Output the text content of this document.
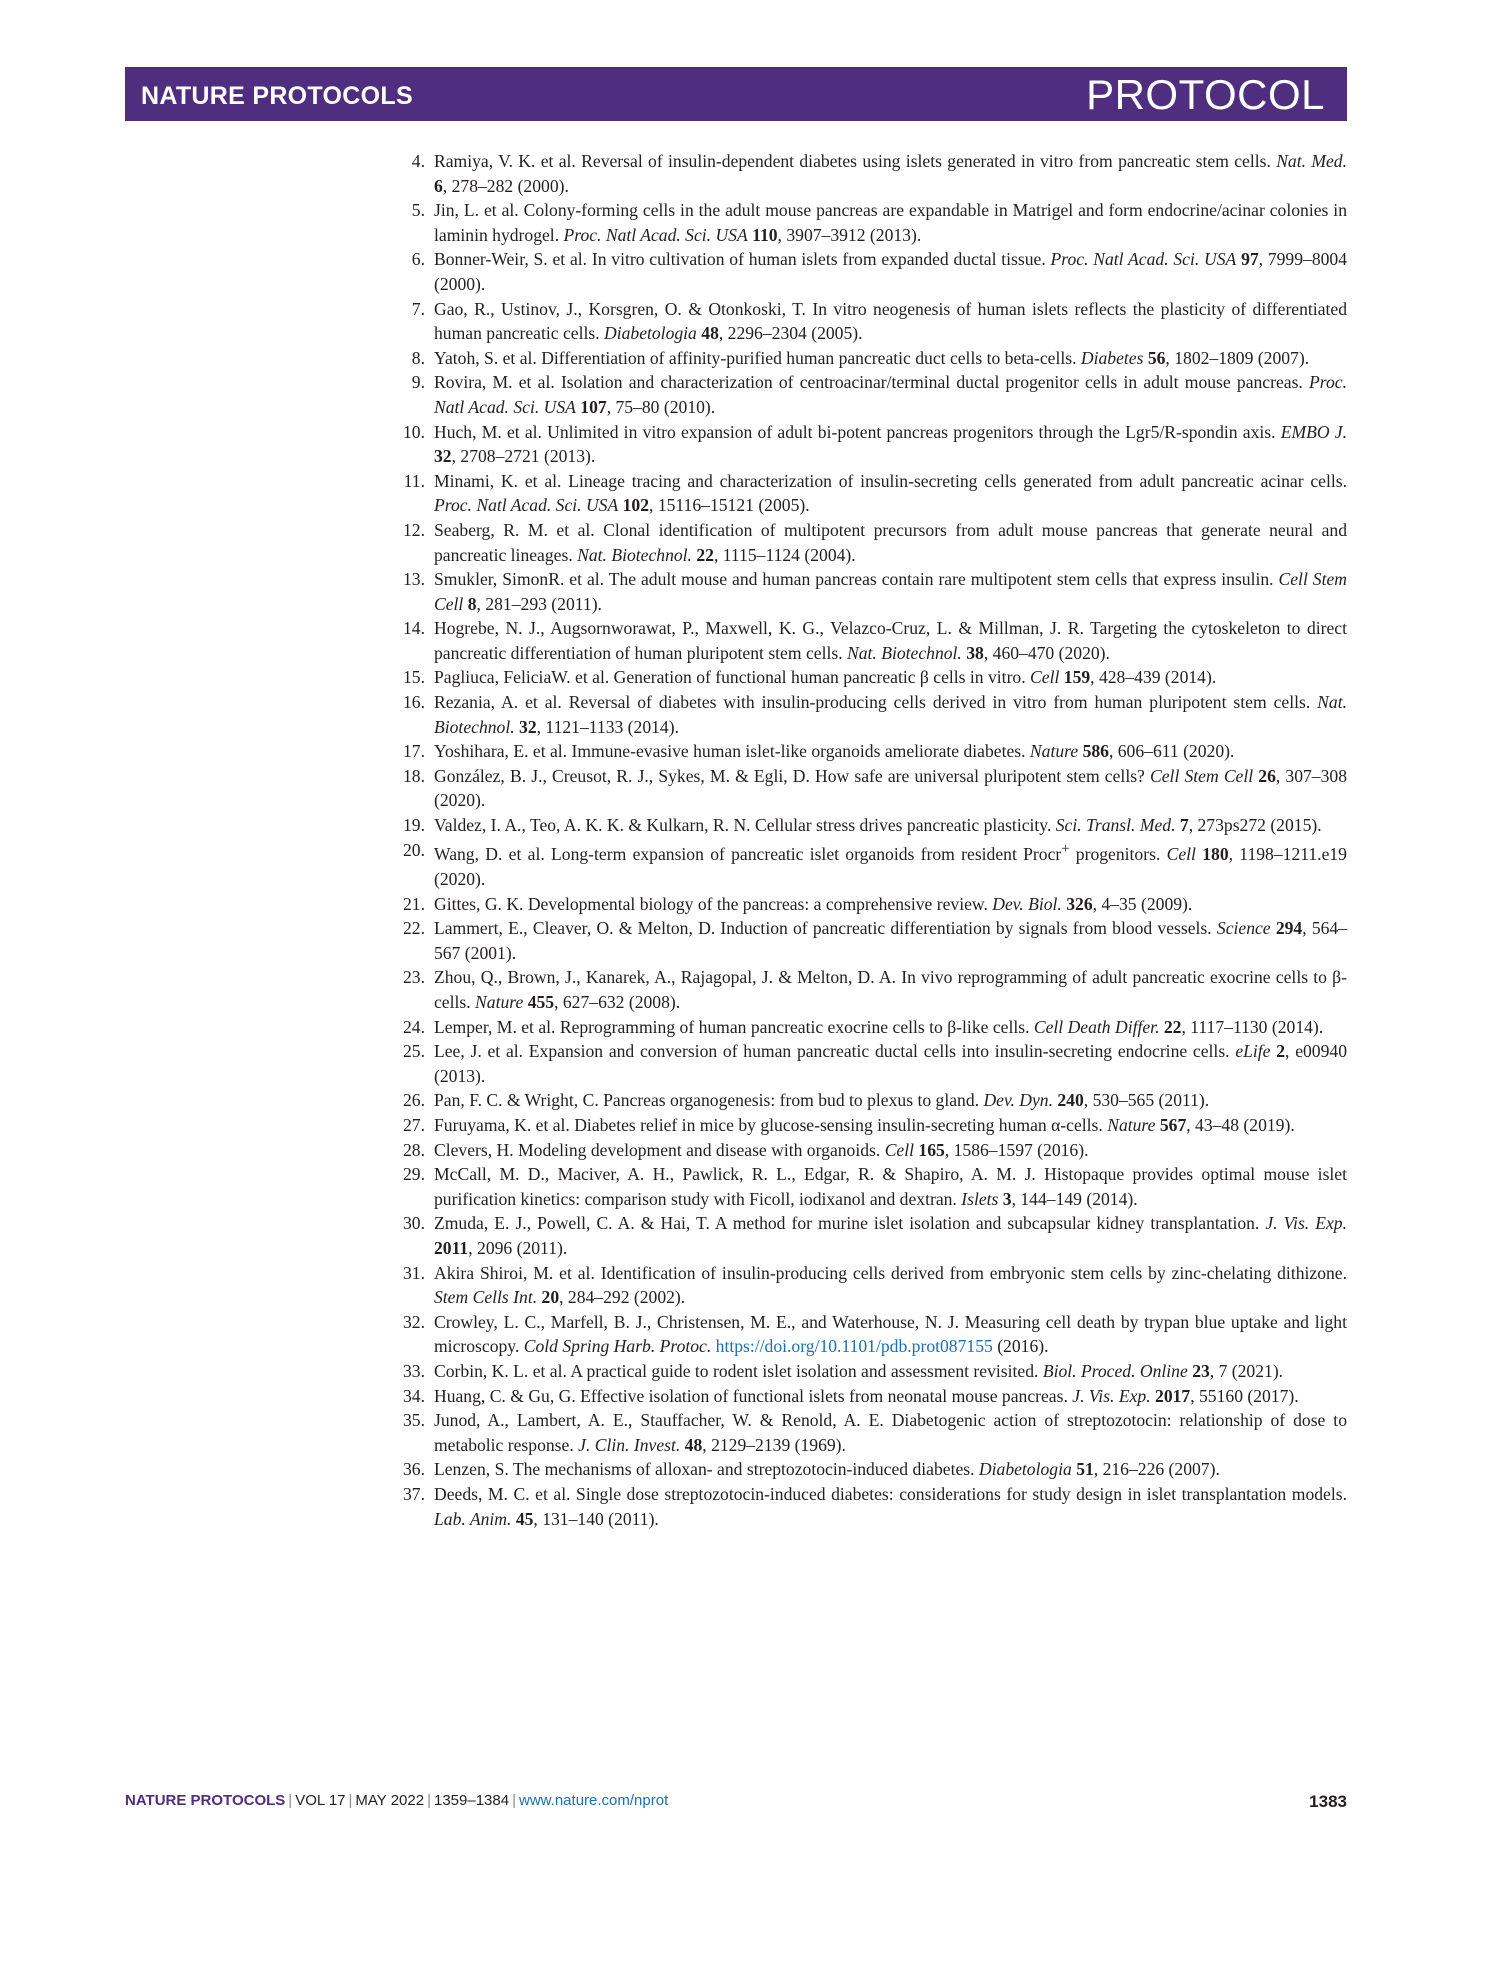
NATURE PROTOCOLS	PROTOCOL
4. Ramiya, V. K. et al. Reversal of insulin-dependent diabetes using islets generated in vitro from pancreatic stem cells. Nat. Med. 6, 278–282 (2000).
5. Jin, L. et al. Colony-forming cells in the adult mouse pancreas are expandable in Matrigel and form endocrine/acinar colonies in laminin hydrogel. Proc. Natl Acad. Sci. USA 110, 3907–3912 (2013).
6. Bonner-Weir, S. et al. In vitro cultivation of human islets from expanded ductal tissue. Proc. Natl Acad. Sci. USA 97, 7999–8004 (2000).
7. Gao, R., Ustinov, J., Korsgren, O. & Otonkoski, T. In vitro neogenesis of human islets reflects the plasticity of differentiated human pancreatic cells. Diabetologia 48, 2296–2304 (2005).
8. Yatoh, S. et al. Differentiation of affinity-purified human pancreatic duct cells to beta-cells. Diabetes 56, 1802–1809 (2007).
9. Rovira, M. et al. Isolation and characterization of centroacinar/terminal ductal progenitor cells in adult mouse pancreas. Proc. Natl Acad. Sci. USA 107, 75–80 (2010).
10. Huch, M. et al. Unlimited in vitro expansion of adult bi-potent pancreas progenitors through the Lgr5/R-spondin axis. EMBO J. 32, 2708–2721 (2013).
11. Minami, K. et al. Lineage tracing and characterization of insulin-secreting cells generated from adult pancreatic acinar cells. Proc. Natl Acad. Sci. USA 102, 15116–15121 (2005).
12. Seaberg, R. M. et al. Clonal identification of multipotent precursors from adult mouse pancreas that generate neural and pancreatic lineages. Nat. Biotechnol. 22, 1115–1124 (2004).
13. Smukler, SimonR. et al. The adult mouse and human pancreas contain rare multipotent stem cells that express insulin. Cell Stem Cell 8, 281–293 (2011).
14. Hogrebe, N. J., Augsornworawat, P., Maxwell, K. G., Velazco-Cruz, L. & Millman, J. R. Targeting the cytoskeleton to direct pancreatic differentiation of human pluripotent stem cells. Nat. Biotechnol. 38, 460–470 (2020).
15. Pagliuca, FeliciaW. et al. Generation of functional human pancreatic β cells in vitro. Cell 159, 428–439 (2014).
16. Rezania, A. et al. Reversal of diabetes with insulin-producing cells derived in vitro from human pluripotent stem cells. Nat. Biotechnol. 32, 1121–1133 (2014).
17. Yoshihara, E. et al. Immune-evasive human islet-like organoids ameliorate diabetes. Nature 586, 606–611 (2020).
18. González, B. J., Creusot, R. J., Sykes, M. & Egli, D. How safe are universal pluripotent stem cells? Cell Stem Cell 26, 307–308 (2020).
19. Valdez, I. A., Teo, A. K. K. & Kulkarn, R. N. Cellular stress drives pancreatic plasticity. Sci. Transl. Med. 7, 273ps272 (2015).
20. Wang, D. et al. Long-term expansion of pancreatic islet organoids from resident Procr+ progenitors. Cell 180, 1198–1211.e19 (2020).
21. Gittes, G. K. Developmental biology of the pancreas: a comprehensive review. Dev. Biol. 326, 4–35 (2009).
22. Lammert, E., Cleaver, O. & Melton, D. Induction of pancreatic differentiation by signals from blood vessels. Science 294, 564–567 (2001).
23. Zhou, Q., Brown, J., Kanarek, A., Rajagopal, J. & Melton, D. A. In vivo reprogramming of adult pancreatic exocrine cells to β-cells. Nature 455, 627–632 (2008).
24. Lemper, M. et al. Reprogramming of human pancreatic exocrine cells to β-like cells. Cell Death Differ. 22, 1117–1130 (2014).
25. Lee, J. et al. Expansion and conversion of human pancreatic ductal cells into insulin-secreting endocrine cells. eLife 2, e00940 (2013).
26. Pan, F. C. & Wright, C. Pancreas organogenesis: from bud to plexus to gland. Dev. Dyn. 240, 530–565 (2011).
27. Furuyama, K. et al. Diabetes relief in mice by glucose-sensing insulin-secreting human α-cells. Nature 567, 43–48 (2019).
28. Clevers, H. Modeling development and disease with organoids. Cell 165, 1586–1597 (2016).
29. McCall, M. D., Maciver, A. H., Pawlick, R. L., Edgar, R. & Shapiro, A. M. J. Histopaque provides optimal mouse islet purification kinetics: comparison study with Ficoll, iodixanol and dextran. Islets 3, 144–149 (2014).
30. Zmuda, E. J., Powell, C. A. & Hai, T. A method for murine islet isolation and subcapsular kidney transplantation. J. Vis. Exp. 2011, 2096 (2011).
31. Akira Shiroi, M. et al. Identification of insulin-producing cells derived from embryonic stem cells by zinc-chelating dithizone. Stem Cells Int. 20, 284–292 (2002).
32. Crowley, L. C., Marfell, B. J., Christensen, M. E., and Waterhouse, N. J. Measuring cell death by trypan blue uptake and light microscopy. Cold Spring Harb. Protoc. https://doi.org/10.1101/pdb.prot087155 (2016).
33. Corbin, K. L. et al. A practical guide to rodent islet isolation and assessment revisited. Biol. Proced. Online 23, 7 (2021).
34. Huang, C. & Gu, G. Effective isolation of functional islets from neonatal mouse pancreas. J. Vis. Exp. 2017, 55160 (2017).
35. Junod, A., Lambert, A. E., Stauffacher, W. & Renold, A. E. Diabetogenic action of streptozotocin: relationship of dose to metabolic response. J. Clin. Invest. 48, 2129–2139 (1969).
36. Lenzen, S. The mechanisms of alloxan- and streptozotocin-induced diabetes. Diabetologia 51, 216–226 (2007).
37. Deeds, M. C. et al. Single dose streptozotocin-induced diabetes: considerations for study design in islet transplantation models. Lab. Anim. 45, 131–140 (2011).
NATURE PROTOCOLS | VOL 17 | MAY 2022 | 1359–1384 | www.nature.com/nprot	1383
